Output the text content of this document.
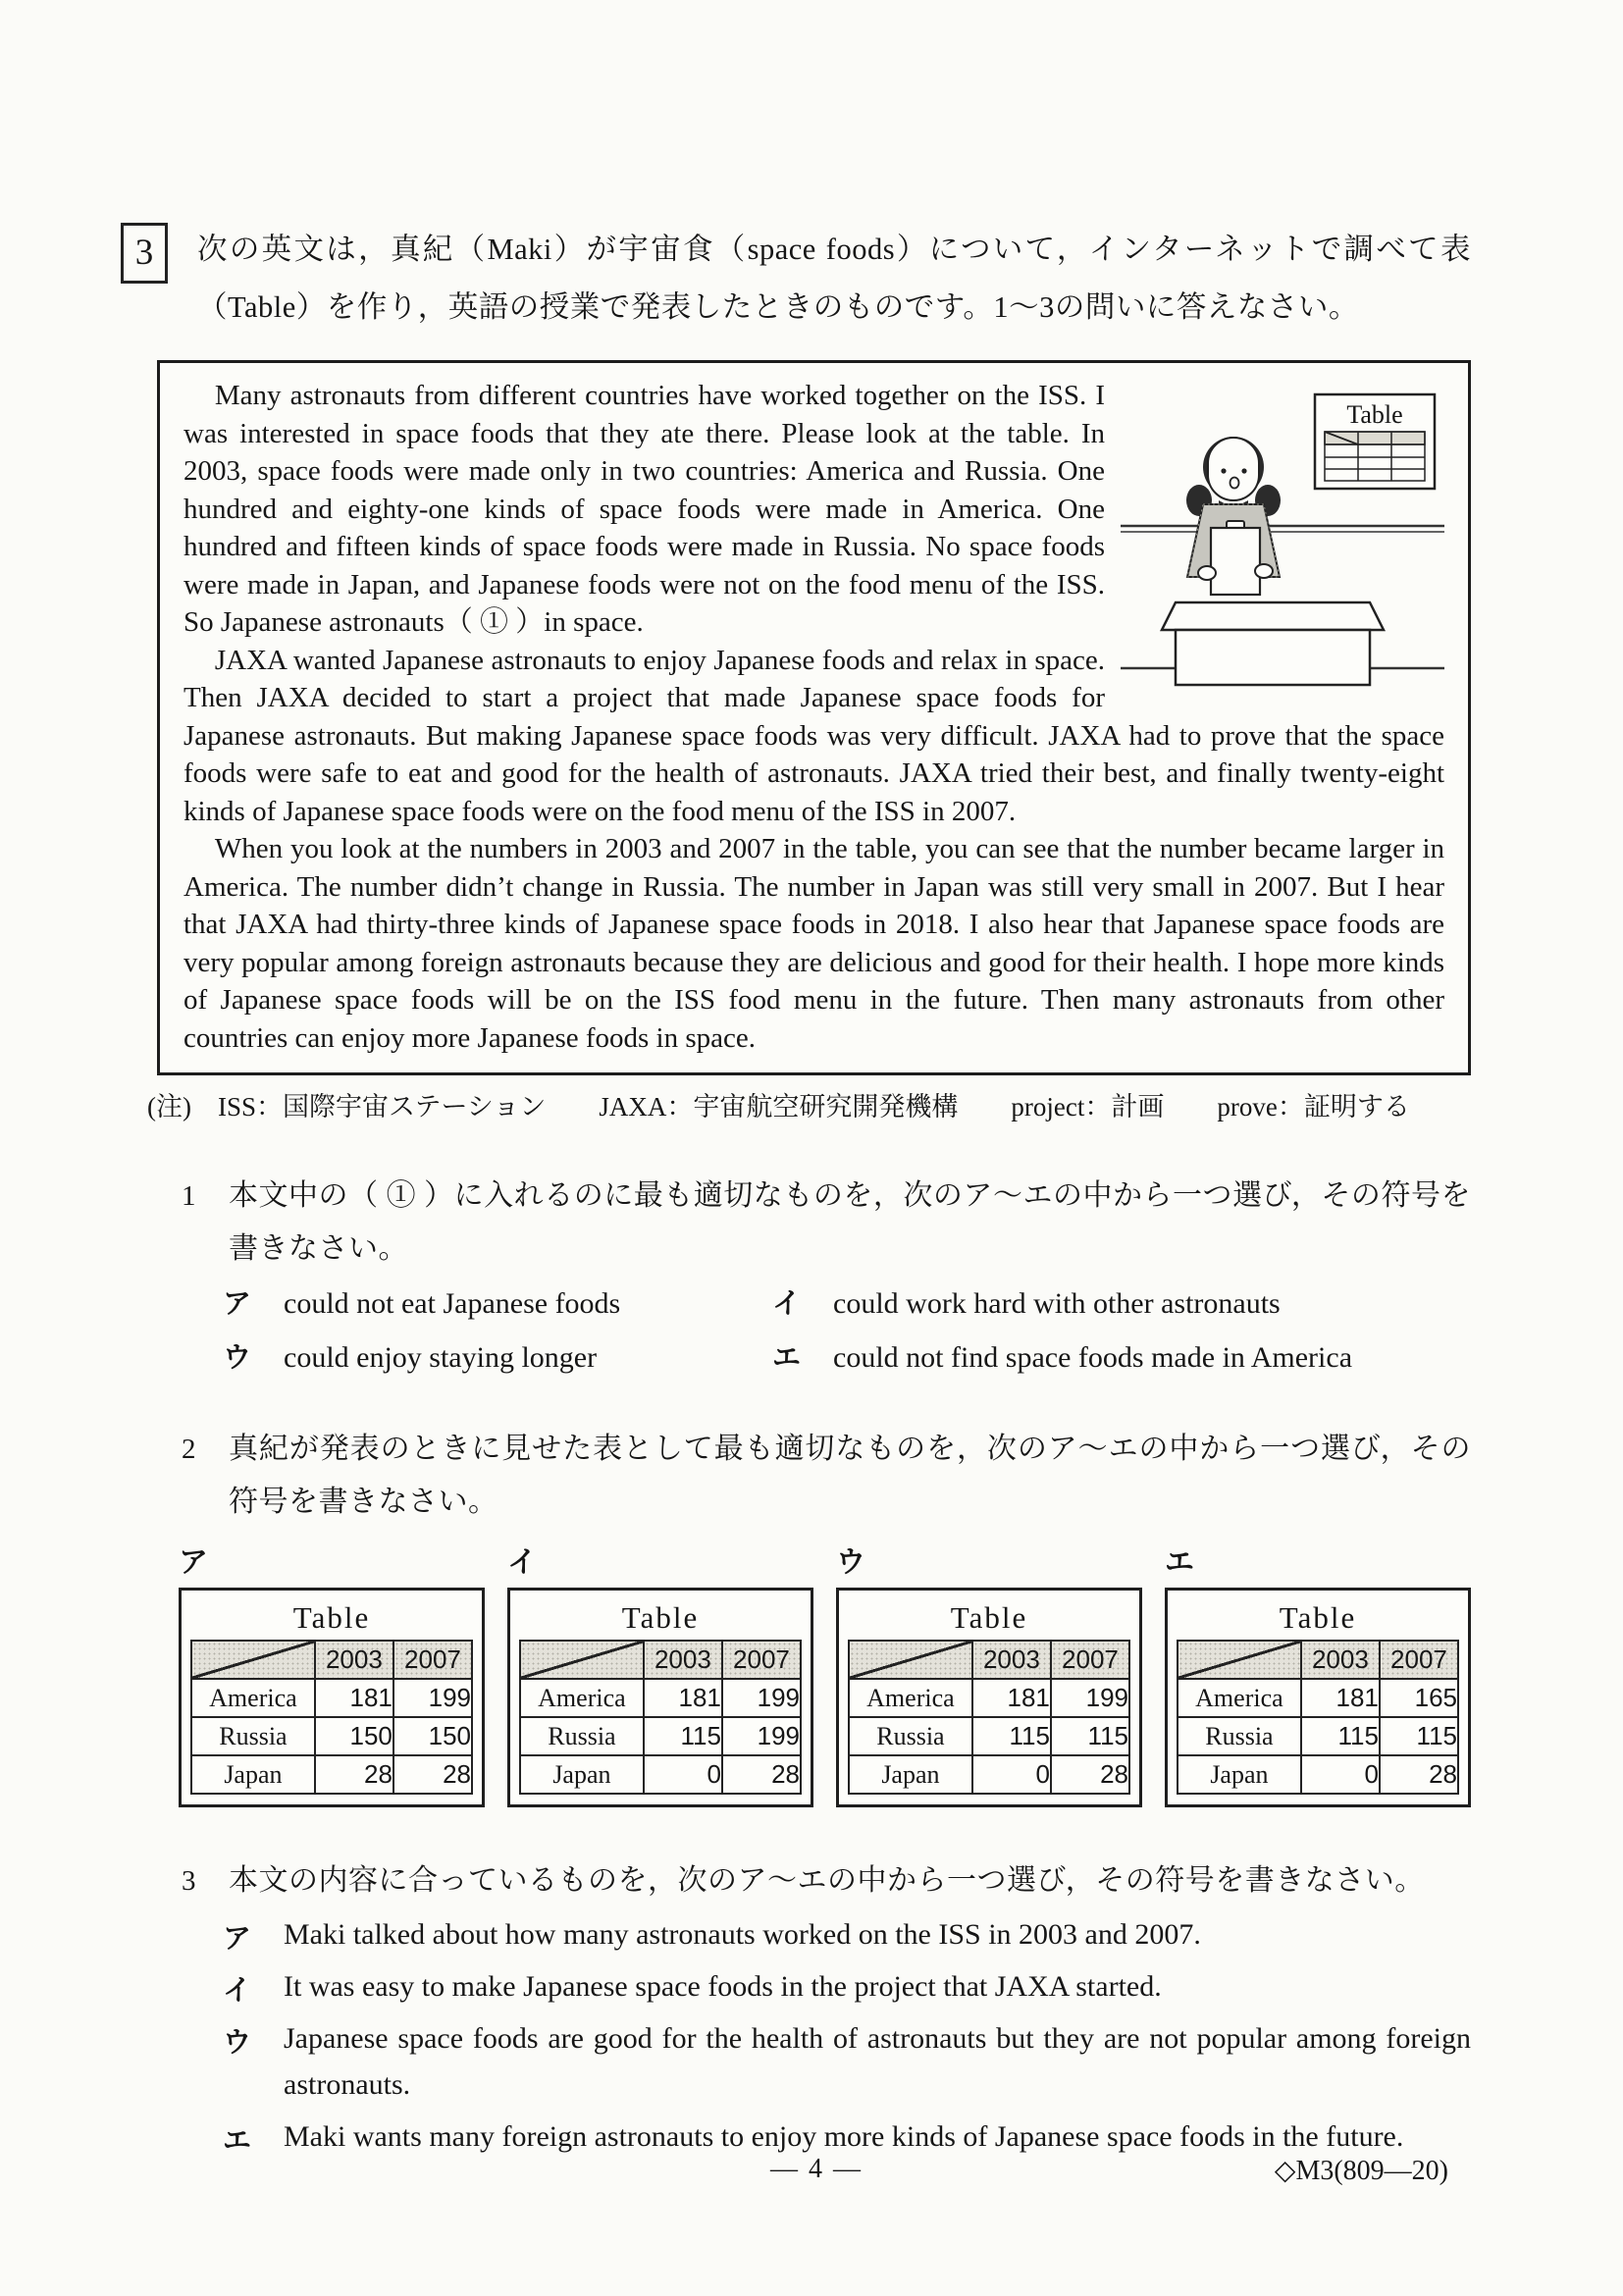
3	次の英文は，真紀（Maki）が宇宙食（space foods）について，インターネットで調べて表（Table）を作り，英語の授業で発表したときのものです。1～3の問いに答えなさい。
Table

Many astronauts from different countries have worked together on the ISS. I was interested in space foods that they ate there. Please look at the table. In 2003, space foods were made only in two countries: America and Russia. One hundred and eighty-one kinds of space foods were made in America. One hundred and fifteen kinds of space foods were made in Russia. No space foods were made in Japan, and Japanese foods were not on the food menu of the ISS. So Japanese astronauts（ ① ）in space.

JAXA wanted Japanese astronauts to enjoy Japanese foods and relax in space. Then JAXA decided to start a project that made Japanese space foods for Japanese astronauts. But making Japanese space foods was very difficult. JAXA had to prove that the space foods were safe to eat and good for the health of astronauts. JAXA tried their best, and finally twenty-eight kinds of Japanese space foods were on the food menu of the ISS in 2007.

When you look at the numbers in 2003 and 2007 in the table, you can see that the number became larger in America. The number didn’t change in Russia. The number in Japan was still very small in 2007. But I hear that JAXA had thirty-three kinds of Japanese space foods in 2018. I also hear that Japanese space foods are very popular among foreign astronauts because they are delicious and good for their health. I hope more kinds of Japanese space foods will be on the ISS food menu in the future. Then many astronauts from other countries can enjoy more Japanese foods in space.

(注)　ISS：国際宇宙ステーション　　JAXA：宇宙航空研究開発機構　　project：計画　　prove：証明する
1	本文中の（ ① ）に入れるのに最も適切なものを，次のア～エの中から一つ選び，その符号を書きなさい。
ア	could not eat Japanese foods	イ	could work hard with other astronauts
ウ	could enjoy staying longer	エ	could not find space foods made in America
2	真紀が発表のときに見せた表として最も適切なものを，次のア～エの中から一つ選び，その符号を書きなさい。
ア
Table
	2003	2007
America	181	199
Russia	150	150
Japan	28	28
イ
Table
	2003	2007
America	181	199
Russia	115	199
Japan	0	28
ウ
Table
	2003	2007
America	181	199
Russia	115	115
Japan	0	28
エ
Table
	2003	2007
America	181	165
Russia	115	115
Japan	0	28
3	本文の内容に合っているものを，次のア～エの中から一つ選び，その符号を書きなさい。
ア	Maki talked about how many astronauts worked on the ISS in 2003 and 2007.
イ	It was easy to make Japanese space foods in the project that JAXA started.
ウ	Japanese space foods are good for the health of astronauts but they are not popular among foreign astronauts.
エ	Maki wants many foreign astronauts to enjoy more kinds of Japanese space foods in the future.
— 4 —	◇M3(809—20)
